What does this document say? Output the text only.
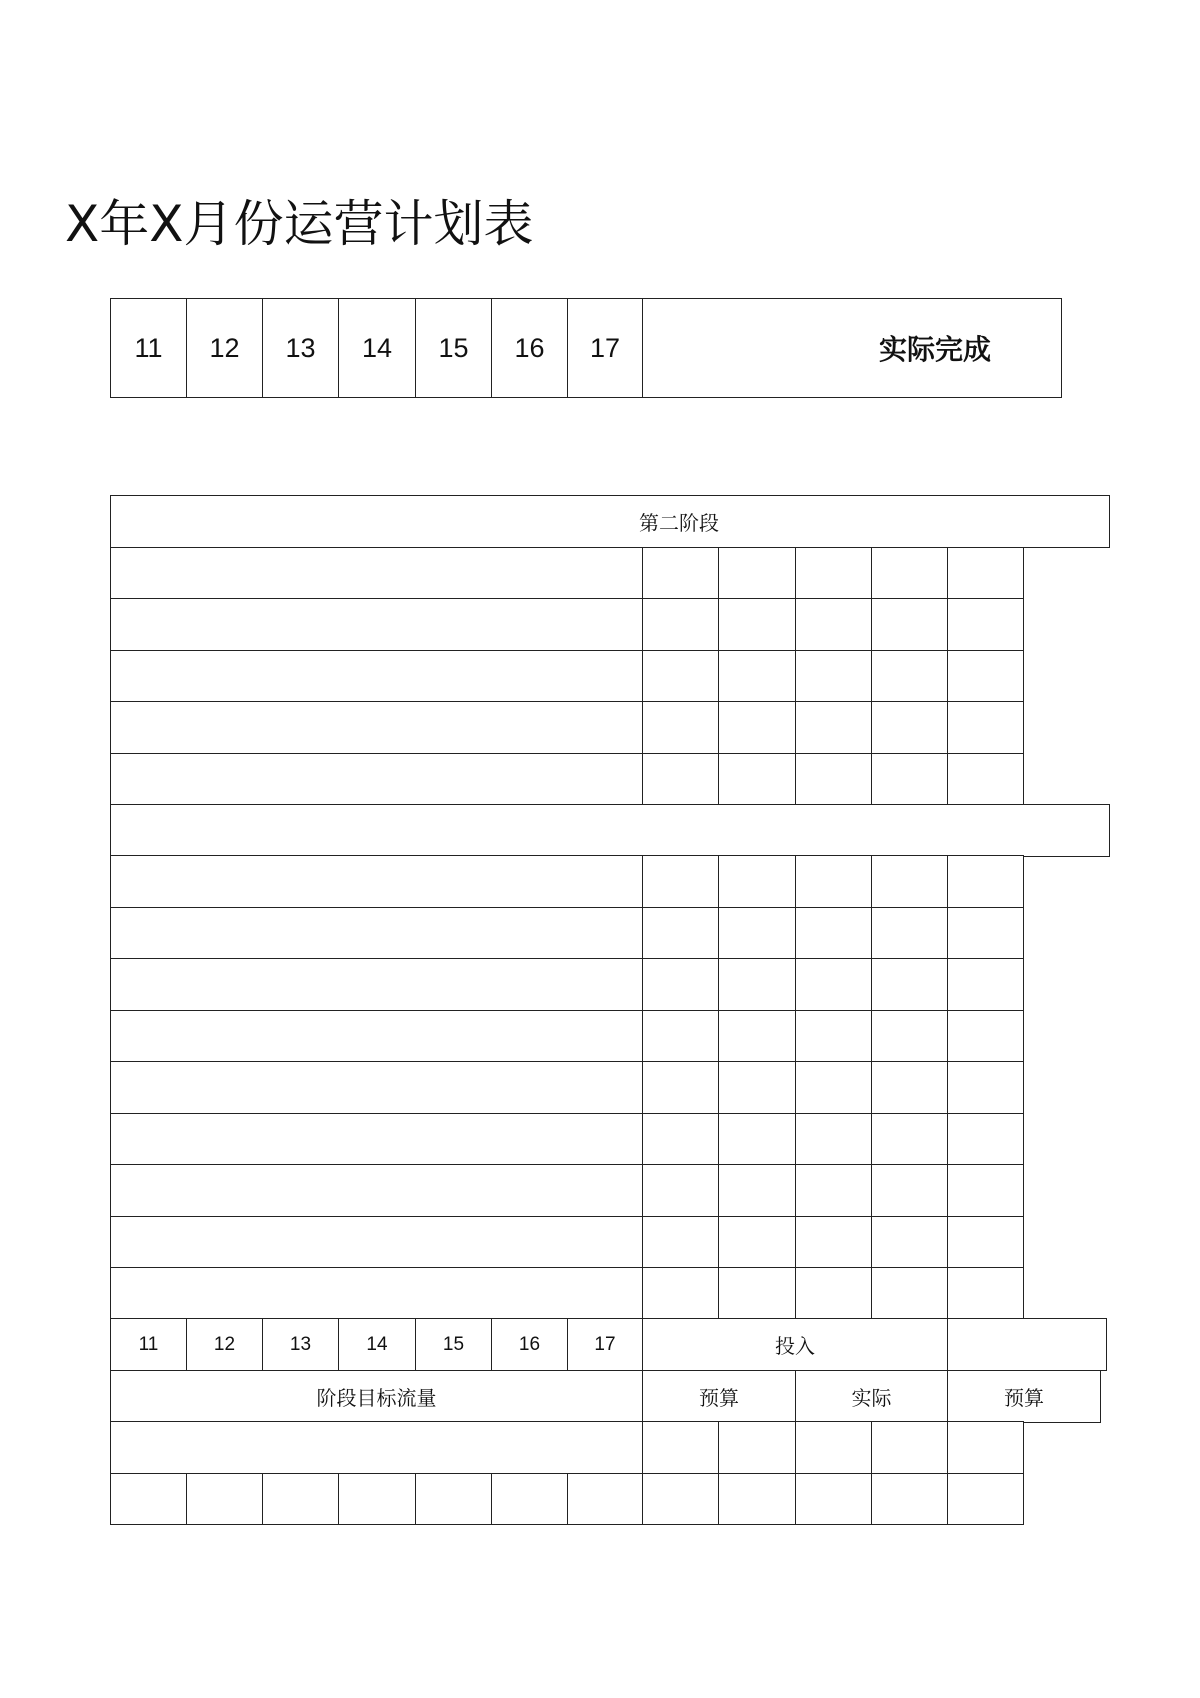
X年X月份运营计划表
11 12 13 14 15 16 17	实际完成
第二阶段
11	12	13	14	15	16	17	投入
阶段目标流量	预算	实际	预算
